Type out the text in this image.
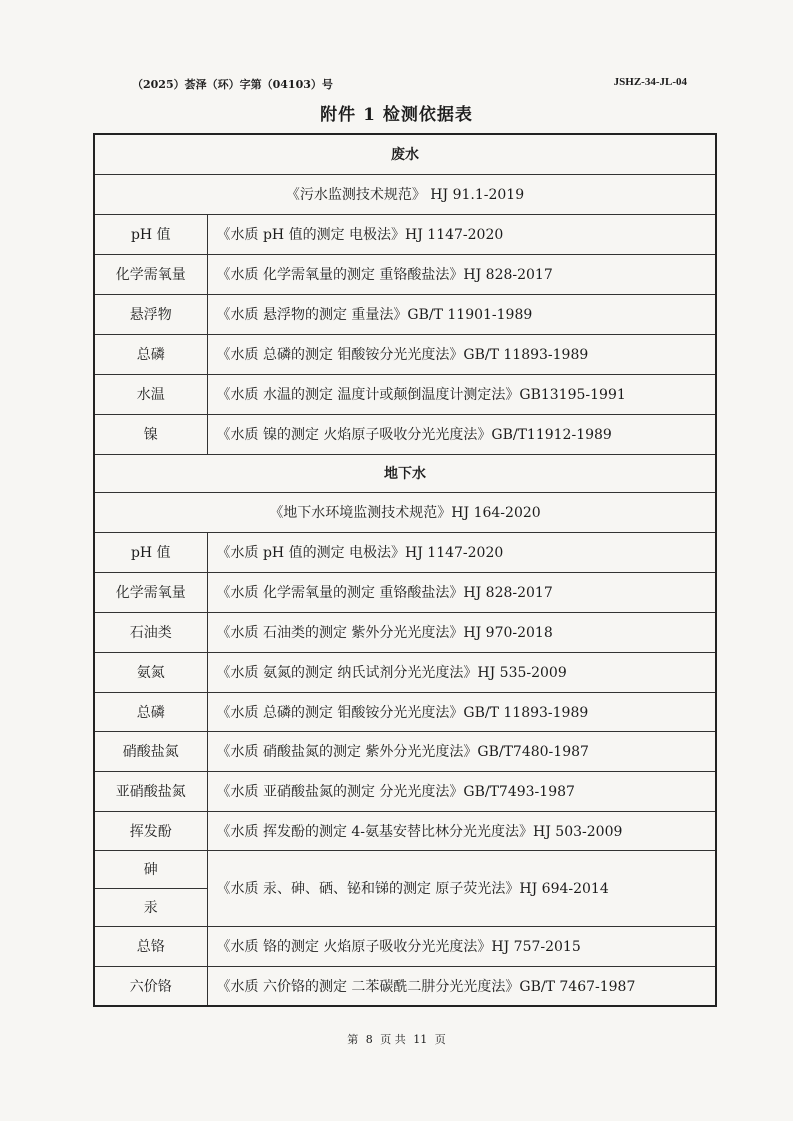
（2025）荟泽（环）字第（04103）号	JSHZ-34-JL-04
附件 1 检测依据表
废水	
《污水监测技术规范》 HJ 91.1-2019	
pH 值	《水质 pH 值的测定 电极法》HJ 1147-2020
化学需氧量	《水质 化学需氧量的测定 重铬酸盐法》HJ 828-2017
悬浮物	《水质 悬浮物的测定 重量法》GB/T 11901-1989
总磷	《水质 总磷的测定 钼酸铵分光光度法》GB/T 11893-1989
水温	《水质 水温的测定 温度计或颠倒温度计测定法》GB13195-1991
镍	《水质 镍的测定 火焰原子吸收分光光度法》GB/T11912-1989
地下水	
《地下水环境监测技术规范》HJ 164-2020	
pH 值	《水质 pH 值的测定 电极法》HJ 1147-2020
化学需氧量	《水质 化学需氧量的测定 重铬酸盐法》HJ 828-2017
石油类	《水质 石油类的测定 紫外分光光度法》HJ 970-2018
氨氮	《水质 氨氮的测定 纳氏试剂分光光度法》HJ 535-2009
总磷	《水质 总磷的测定 钼酸铵分光光度法》GB/T 11893-1989
硝酸盐氮	《水质 硝酸盐氮的测定 紫外分光光度法》GB/T7480-1987
亚硝酸盐氮	《水质 亚硝酸盐氮的测定 分光光度法》GB/T7493-1987
挥发酚	《水质 挥发酚的测定 4-氨基安替比林分光光度法》HJ 503-2009
砷	《水质 汞、砷、硒、铋和锑的测定 原子荧光法》HJ 694-2014
汞	
总铬	《水质 铬的测定 火焰原子吸收分光光度法》HJ 757-2015
六价铬	《水质 六价铬的测定 二苯碳酰二肼分光光度法》GB/T 7467-1987
第 8 页 共 11 页
